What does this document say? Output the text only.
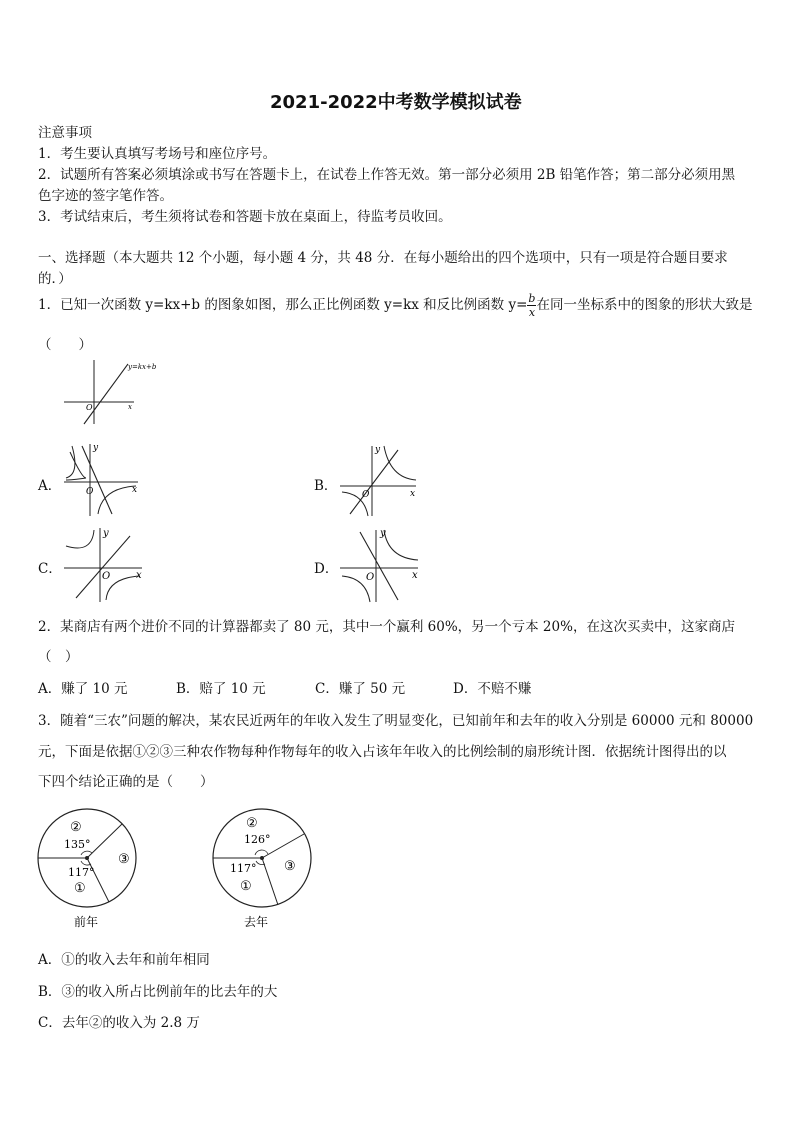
2021-2022中考数学模拟试卷
注意事项
1．考生要认真填写考场号和座位序号。
2．试题所有答案必须填涂或书写在答题卡上，在试卷上作答无效。第一部分必须用 2B 铅笔作答；第二部分必须用黑
色字迹的签字笔作答。
3．考试结束后，考生须将试卷和答题卡放在桌面上，待监考员收回。
一、选择题（本大题共 12 个小题，每小题 4 分，共 48 分．在每小题给出的四个选项中，只有一项是符合题目要求
的．）
1．已知一次函数 y=kx+b 的图象如图，那么正比例函数 y=kx 和反比例函数 $y= \frac{b}{x}$ 在同一坐标系中的图象的形状大致是
（　　）
y=kx+b
O	x
A．	O	x
y
B．
O	x
y
C．	O	x
y
D．
O	x
y
2．某商店有两个进价不同的计算器都卖了 80 元，其中一个赢利 60%，另一个亏本 20%，在这次买卖中，这家商店
（　）
A．赚了 10 元	B．赔了 10 元	C．赚了 50 元	D．不赔不赚
3．随着“三农”问题的解决，某农民近两年的年收入发生了明显变化，已知前年和去年的收入分别是 60000 元和 80000
元，下面是依据①②③三种农作物每种作物每年的收入占该年年收入的比例绘制的扇形统计图．依据统计图得出的以
下四个结论正确的是（　　）
②
135°
③
117°
①
前年
②
126°
③
117°
①
去年
A．①的收入去年和前年相同
B．③的收入所占比例前年的比去年的大
C．去年②的收入为 2.8 万
